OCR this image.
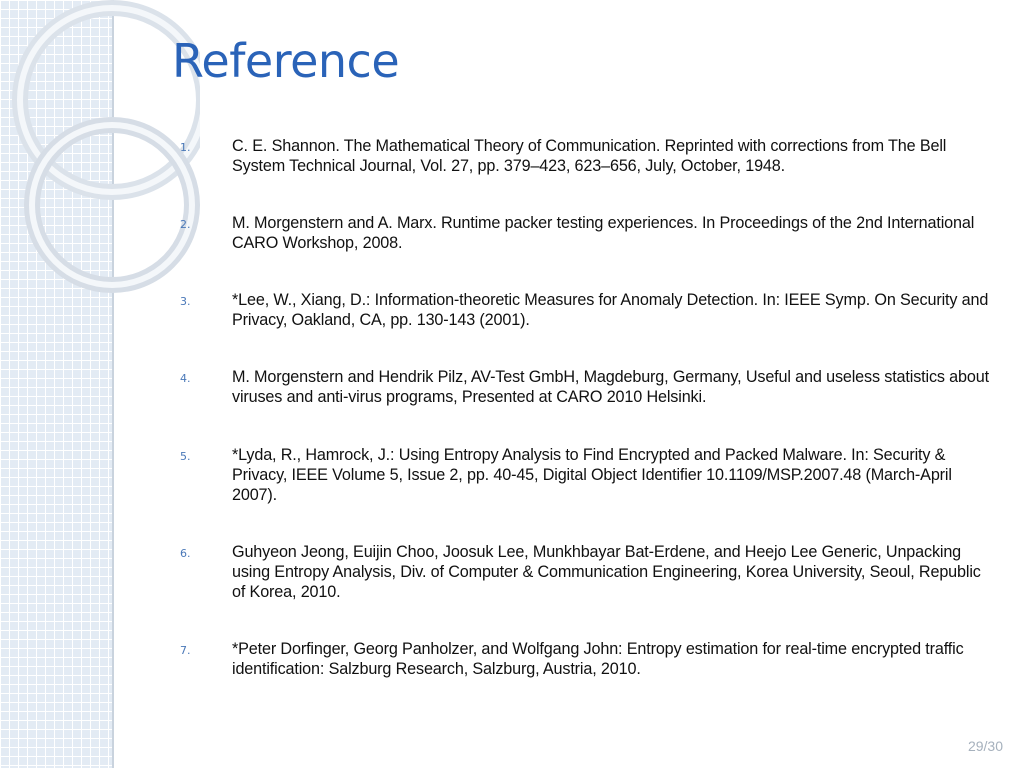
Reference
1.	C. E. Shannon. The Mathematical Theory of Communication. Reprinted with corrections from The Bell System Technical Journal, Vol. 27, pp. 379–423, 623–656, July, October, 1948.
2.	M. Morgenstern and A. Marx. Runtime packer testing experiences. In Proceedings of the 2nd International CARO Workshop, 2008.
3.	*Lee, W., Xiang, D.: Information-theoretic Measures for Anomaly Detection. In: IEEE Symp. On Security and Privacy, Oakland, CA, pp. 130-143 (2001).
4.	M. Morgenstern and Hendrik Pilz, AV-Test GmbH, Magdeburg, Germany, Useful and useless statistics about viruses and anti-virus programs, Presented at CARO 2010 Helsinki.
5.	*Lyda, R., Hamrock, J.: Using Entropy Analysis to Find Encrypted and Packed Malware. In: Security & Privacy, IEEE Volume 5, Issue 2, pp. 40-45, Digital Object Identifier 10.1109/MSP.2007.48 (March-April 2007).
6.	Guhyeon Jeong, Euijin Choo, Joosuk Lee, Munkhbayar Bat-Erdene, and Heejo Lee Generic, Unpacking using Entropy Analysis, Div. of Computer & Communication Engineering, Korea University, Seoul, Republic of Korea, 2010.
7.	*Peter Dorfinger, Georg Panholzer, and Wolfgang John: Entropy estimation for real-time encrypted traffic identification: Salzburg Research, Salzburg, Austria, 2010.
29/30
